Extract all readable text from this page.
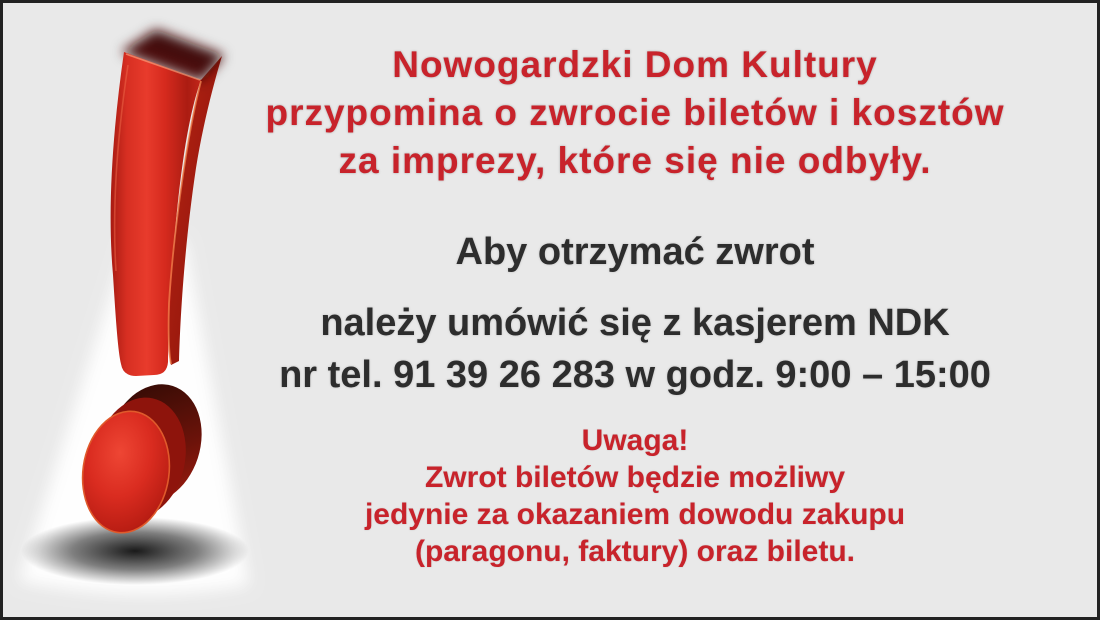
Nowogardzki Dom Kultury
przypomina o zwrocie biletów i kosztów
za imprezy, które się nie odbyły.
Aby otrzymać zwrot
należy umówić się z kasjerem NDK
nr tel. 91 39 26 283 w godz. 9:00 – 15:00
Uwaga!
Zwrot biletów będzie możliwy
jedynie za okazaniem dowodu zakupu
(paragonu, faktury) oraz biletu.
